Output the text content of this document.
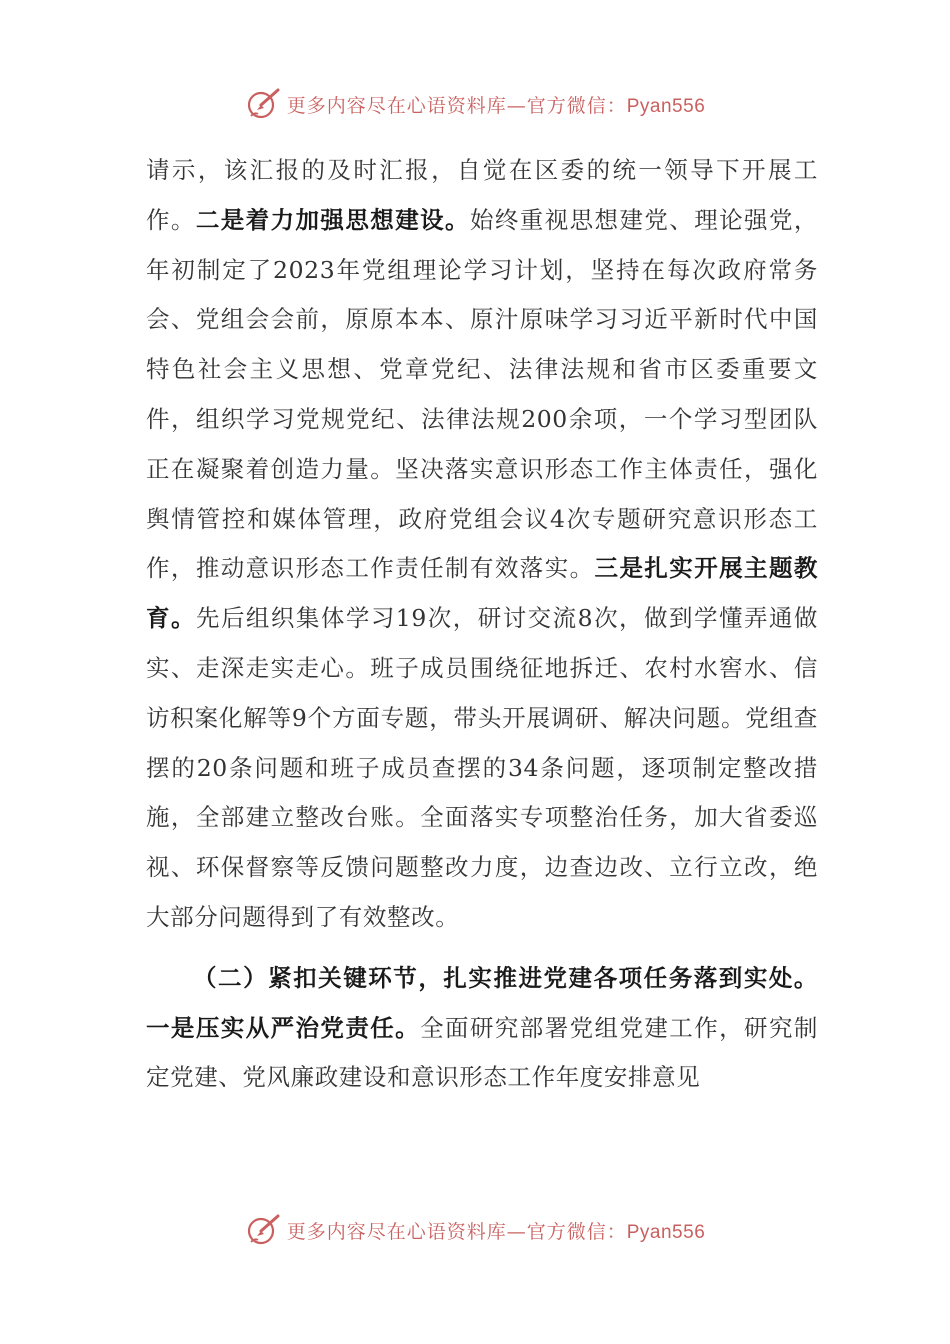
更多内容尽在心语资料库—官方微信：Pyan556

请示，该汇报的及时汇报，自觉在区委的统一领导下开展工作。二是着力加强思想建设。始终重视思想建党、理论强党，年初制定了2023年党组理论学习计划，坚持在每次政府常务会、党组会会前，原原本本、原汁原味学习习近平新时代中国特色社会主义思想、党章党纪、法律法规和省市区委重要文件，组织学习党规党纪、法律法规200余项，一个学习型团队正在凝聚着创造力量。坚决落实意识形态工作主体责任，强化舆情管控和媒体管理，政府党组会议4次专题研究意识形态工作，推动意识形态工作责任制有效落实。三是扎实开展主题教育。先后组织集体学习19次，研讨交流8次，做到学懂弄通做实、走深走实走心。班子成员围绕征地拆迁、农村水窖水、信访积案化解等9个方面专题，带头开展调研、解决问题。党组查摆的20条问题和班子成员查摆的34条问题，逐项制定整改措施，全部建立整改台账。全面落实专项整治任务，加大省委巡视、环保督察等反馈问题整改力度，边查边改、立行立改，绝大部分问题得到了有效整改。

（二）紧扣关键环节，扎实推进党建各项任务落到实处。一是压实从严治党责任。全面研究部署党组党建工作，研究制定党建、党风廉政建设和意识形态工作年度安排意见

更多内容尽在心语资料库—官方微信：Pyan556
